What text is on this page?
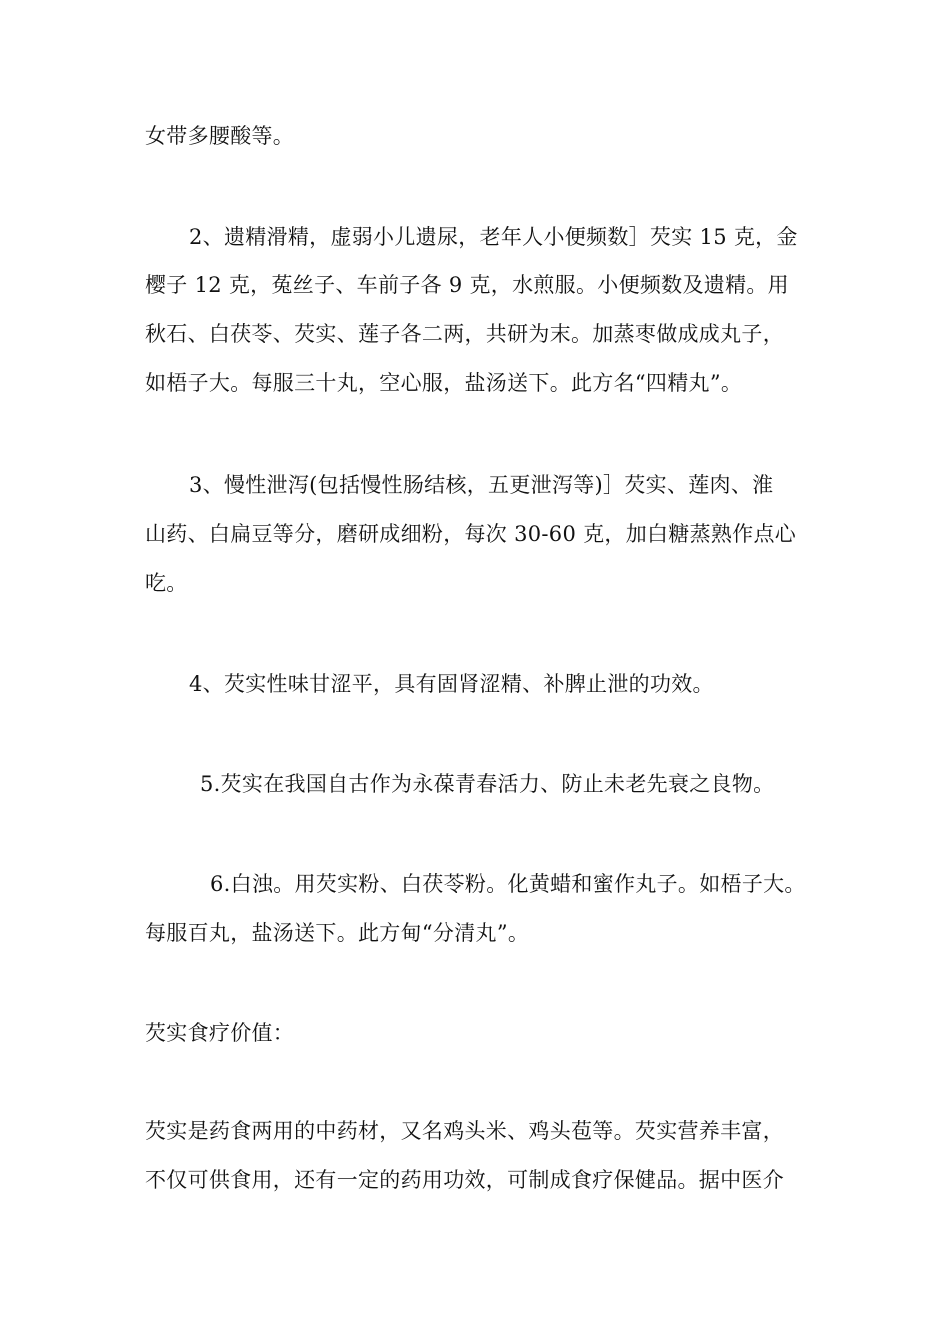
女带多腰酸等。
2、遗精滑精，虚弱小儿遗尿，老年人小便频数］芡实 15 克，金
樱子 12 克，菟丝子、车前子各 9 克，水煎服。小便频数及遗精。用
秋石、白茯苓、芡实、莲子各二两，共研为末。加蒸枣做成成丸子，
如梧子大。每服三十丸，空心服，盐汤送下。此方名“四精丸”。
3、慢性泄泻(包括慢性肠结核，五更泄泻等)］芡实、莲肉、淮
山药、白扁豆等分，磨研成细粉，每次 30-60 克，加白糖蒸熟作点心
吃。
4、芡实性味甘涩平，具有固肾涩精、补脾止泄的功效。
5.芡实在我国自古作为永葆青春活力、防止未老先衰之良物。
6.白浊。用芡实粉、白茯苓粉。化黄蜡和蜜作丸子。如梧子大。
每服百丸，盐汤送下。此方甸“分清丸”。
芡实食疗价值：
芡实是药食两用的中药材，又名鸡头米、鸡头苞等。芡实营养丰富，
不仅可供食用，还有一定的药用功效，可制成食疗保健品。据中医介
